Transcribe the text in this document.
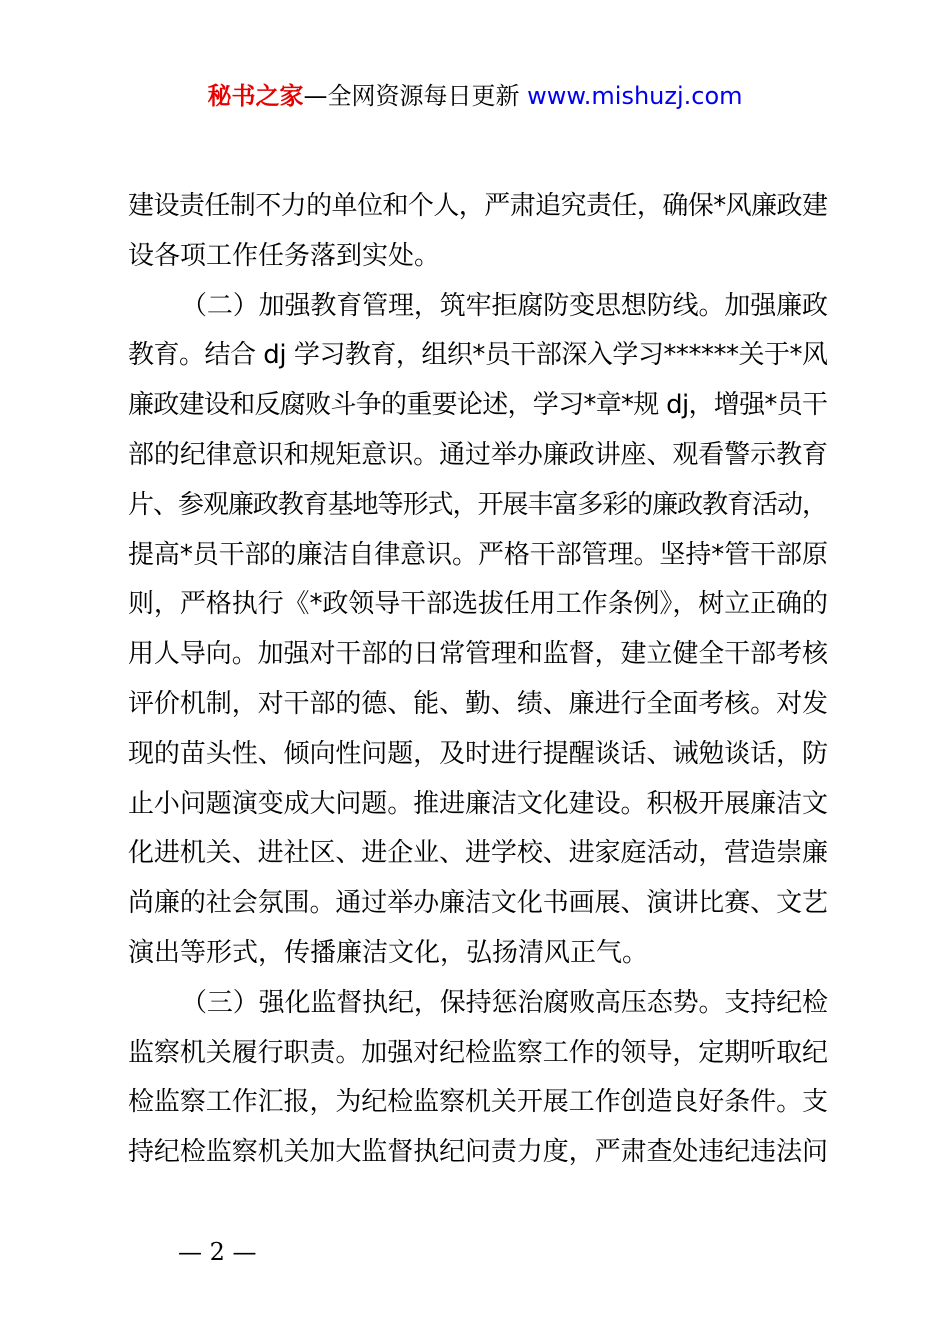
秘书之家—全网资源每日更新 www.mishuzj.com

建设责任制不力的单位和个人，严肃追究责任，确保*风廉政建

设各项工作任务落到实处。

（二）加强教育管理，筑牢拒腐防变思想防线。加强廉政

教育。结合 dj 学习教育，组织*员干部深入学习******关于*风

廉政建设和反腐败斗争的重要论述，学习*章*规 dj，增强*员干

部的纪律意识和规矩意识。通过举办廉政讲座、观看警示教育

片、参观廉政教育基地等形式，开展丰富多彩的廉政教育活动，

提高*员干部的廉洁自律意识。严格干部管理。坚持*管干部原

则，严格执行《*政领导干部选拔任用工作条例》，树立正确的

用人导向。加强对干部的日常管理和监督，建立健全干部考核

评价机制，对干部的德、能、勤、绩、廉进行全面考核。对发

现的苗头性、倾向性问题，及时进行提醒谈话、诫勉谈话，防

止小问题演变成大问题。推进廉洁文化建设。积极开展廉洁文

化进机关、进社区、进企业、进学校、进家庭活动，营造崇廉

尚廉的社会氛围。通过举办廉洁文化书画展、演讲比赛、文艺

演出等形式，传播廉洁文化，弘扬清风正气。

（三）强化监督执纪，保持惩治腐败高压态势。支持纪检

监察机关履行职责。加强对纪检监察工作的领导，定期听取纪

检监察工作汇报，为纪检监察机关开展工作创造良好条件。支

持纪检监察机关加大监督执纪问责力度，严肃查处违纪违法问

— 2 —
